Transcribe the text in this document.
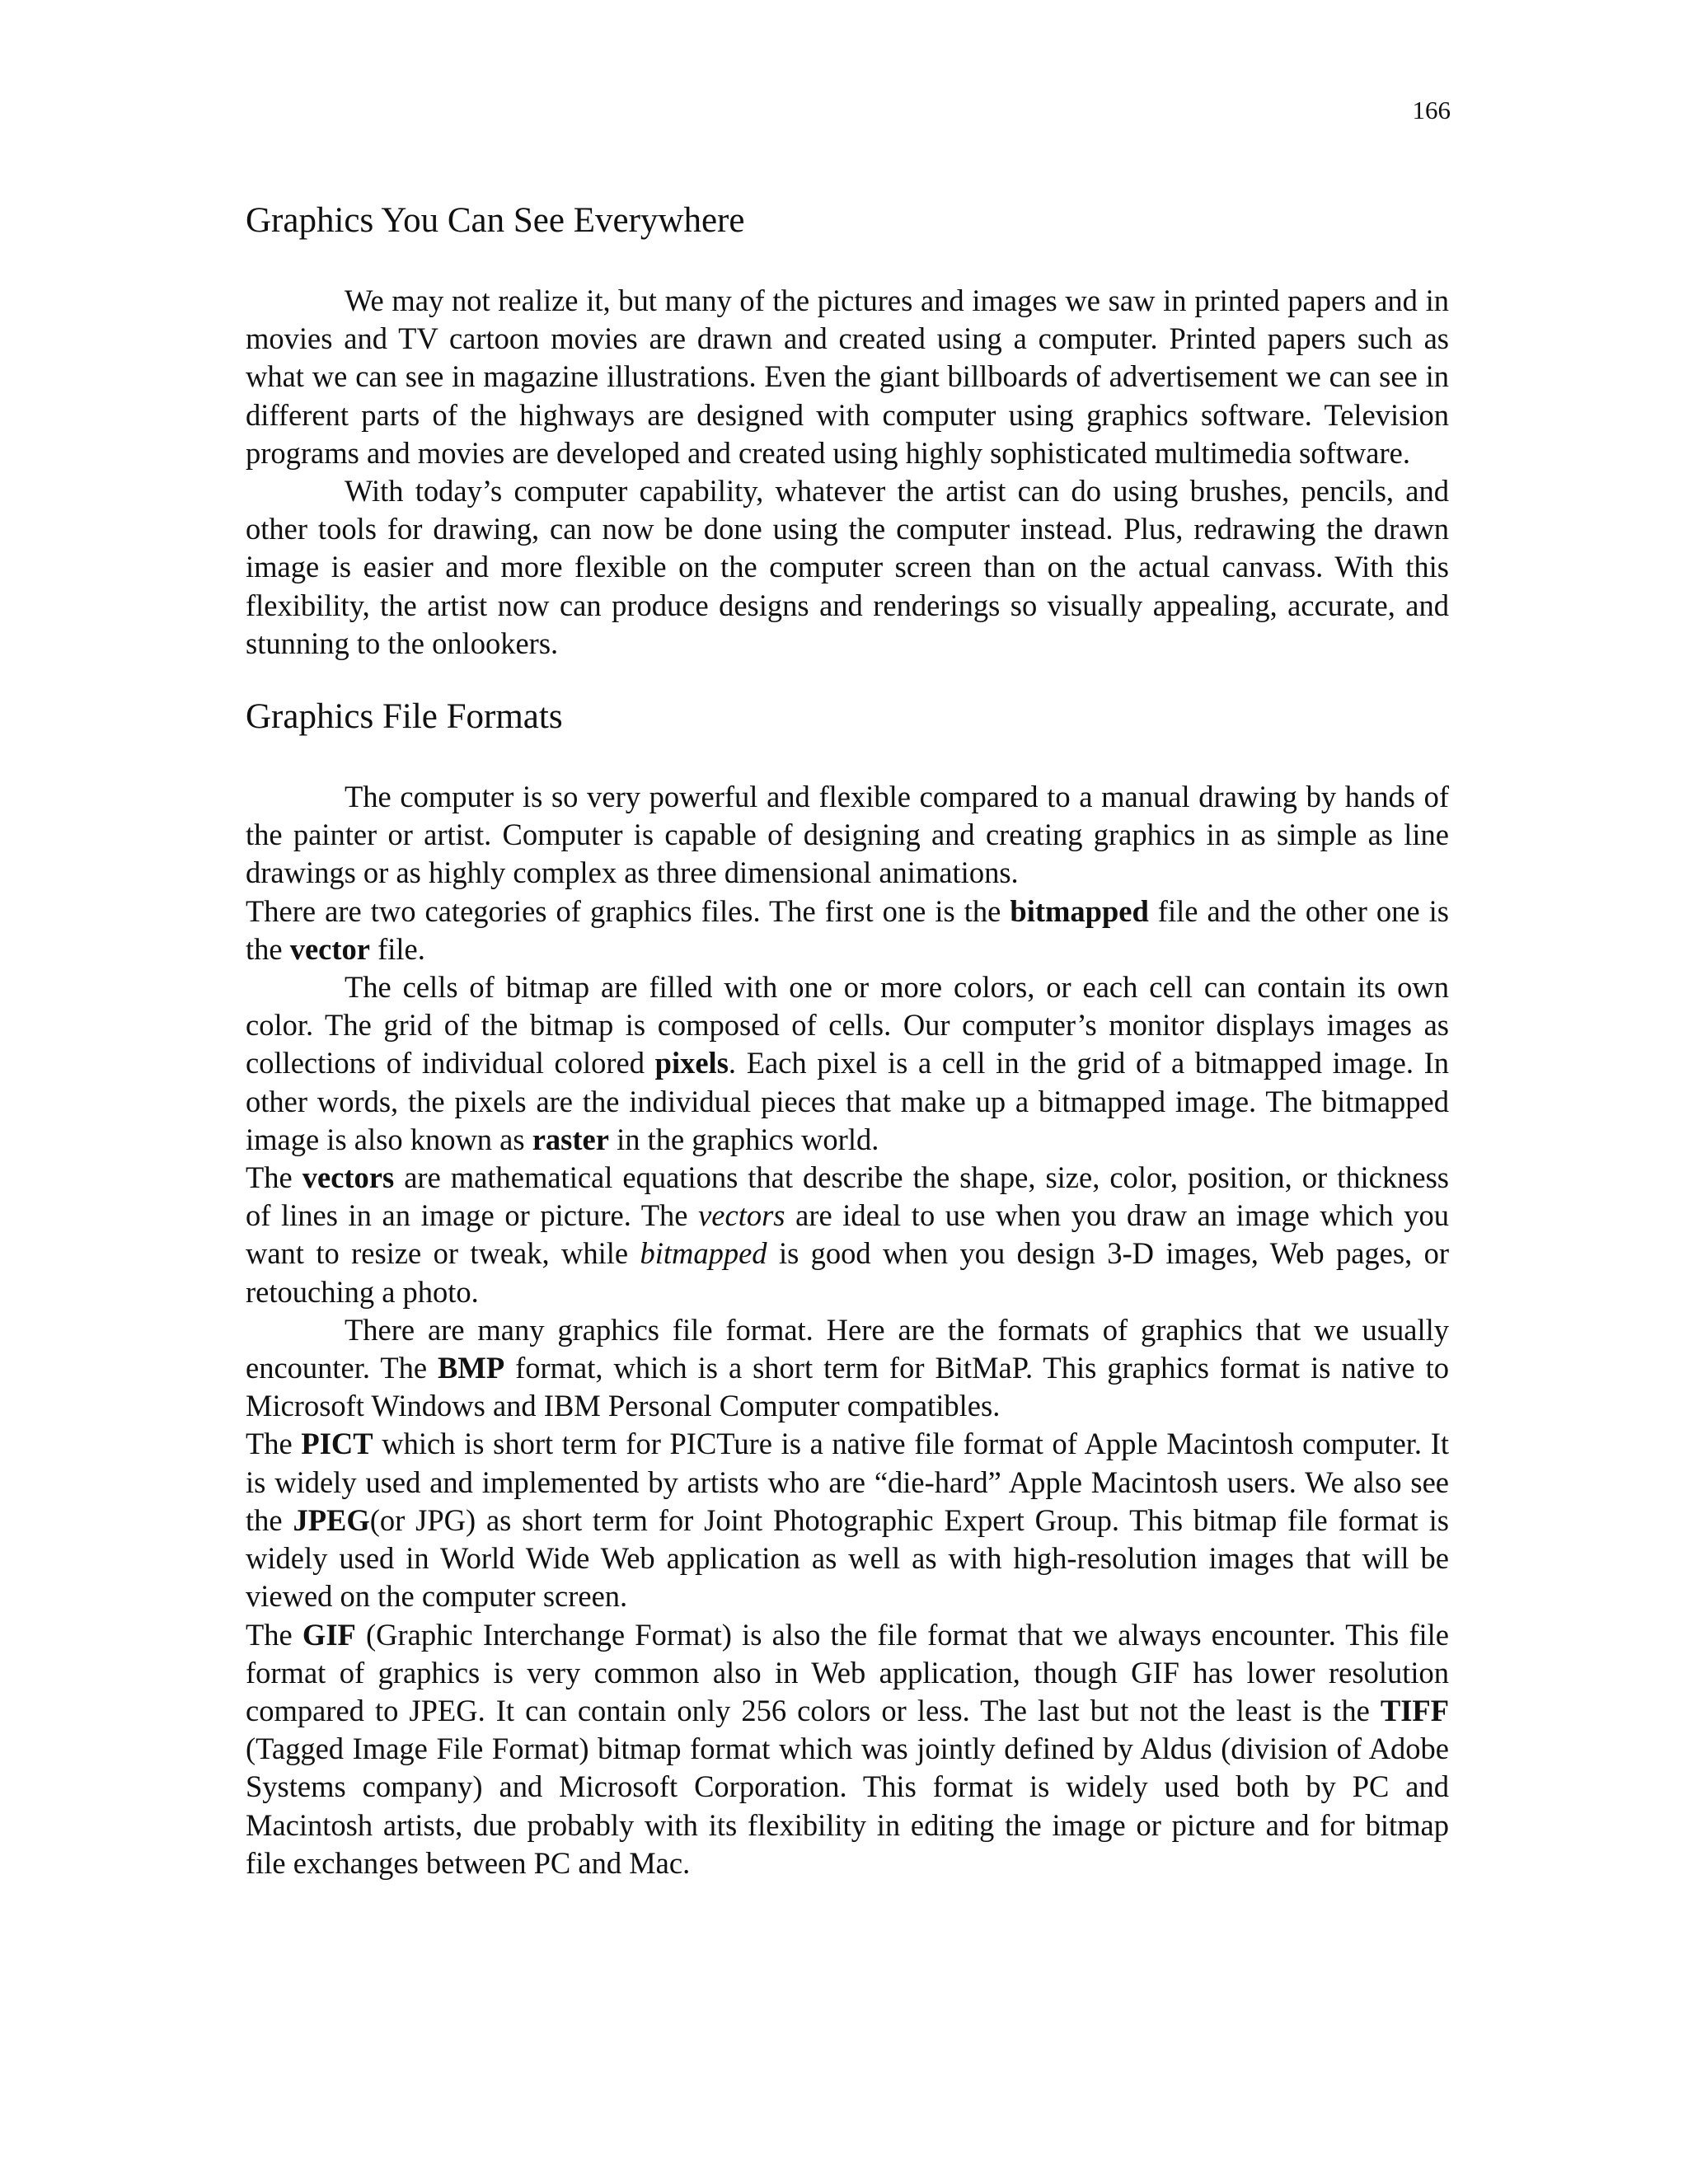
166
Graphics You Can See Everywhere

We may not realize it, but many of the pictures and images we saw in printed papers and in movies and TV cartoon movies are drawn and created using a computer. Printed papers such as what we can see in magazine illustrations. Even the giant billboards of advertisement we can see in different parts of the highways are designed with computer using graphics software. Television programs and movies are developed and created using highly sophisticated multimedia software.

With today’s computer capability, whatever the artist can do using brushes, pencils, and other tools for drawing, can now be done using the computer instead. Plus, redrawing the drawn image is easier and more flexible on the computer screen than on the actual canvass. With this flexibility, the artist now can produce designs and renderings so visually appealing, accurate, and stunning to the onlookers.

Graphics File Formats

The computer is so very powerful and flexible compared to a manual drawing by hands of the painter or artist. Computer is capable of designing and creating graphics in as simple as line drawings or as highly complex as three dimensional animations.

There are two categories of graphics files. The first one is the bitmapped file and the other one is the vector file.

The cells of bitmap are filled with one or more colors, or each cell can contain its own color. The grid of the bitmap is composed of cells. Our computer’s monitor displays images as collections of individual colored pixels. Each pixel is a cell in the grid of a bitmapped image. In other words, the pixels are the individual pieces that make up a bitmapped image. The bitmapped image is also known as raster in the graphics world.

The vectors are mathematical equations that describe the shape, size, color, position, or thickness of lines in an image or picture. The vectors are ideal to use when you draw an image which you want to resize or tweak, while bitmapped is good when you design 3-D images, Web pages, or retouching a photo.

There are many graphics file format. Here are the formats of graphics that we usually encounter. The BMP format, which is a short term for BitMaP. This graphics format is native to Microsoft Windows and IBM Personal Computer compatibles.

The PICT which is short term for PICTure is a native file format of Apple Macintosh computer. It is widely used and implemented by artists who are “die-hard” Apple Macintosh users. We also see the JPEG(or JPG) as short term for Joint Photographic Expert Group. This bitmap file format is widely used in World Wide Web application as well as with high-resolution images that will be viewed on the computer screen.

The GIF (Graphic Interchange Format) is also the file format that we always encounter. This file format of graphics is very common also in Web application, though GIF has lower resolution compared to JPEG. It can contain only 256 colors or less. The last but not the least is the TIFF (Tagged Image File Format) bitmap format which was jointly defined by Aldus (division of Adobe Systems company) and Microsoft Corporation. This format is widely used both by PC and Macintosh artists, due probably with its flexibility in editing the image or picture and for bitmap file exchanges between PC and Mac.
